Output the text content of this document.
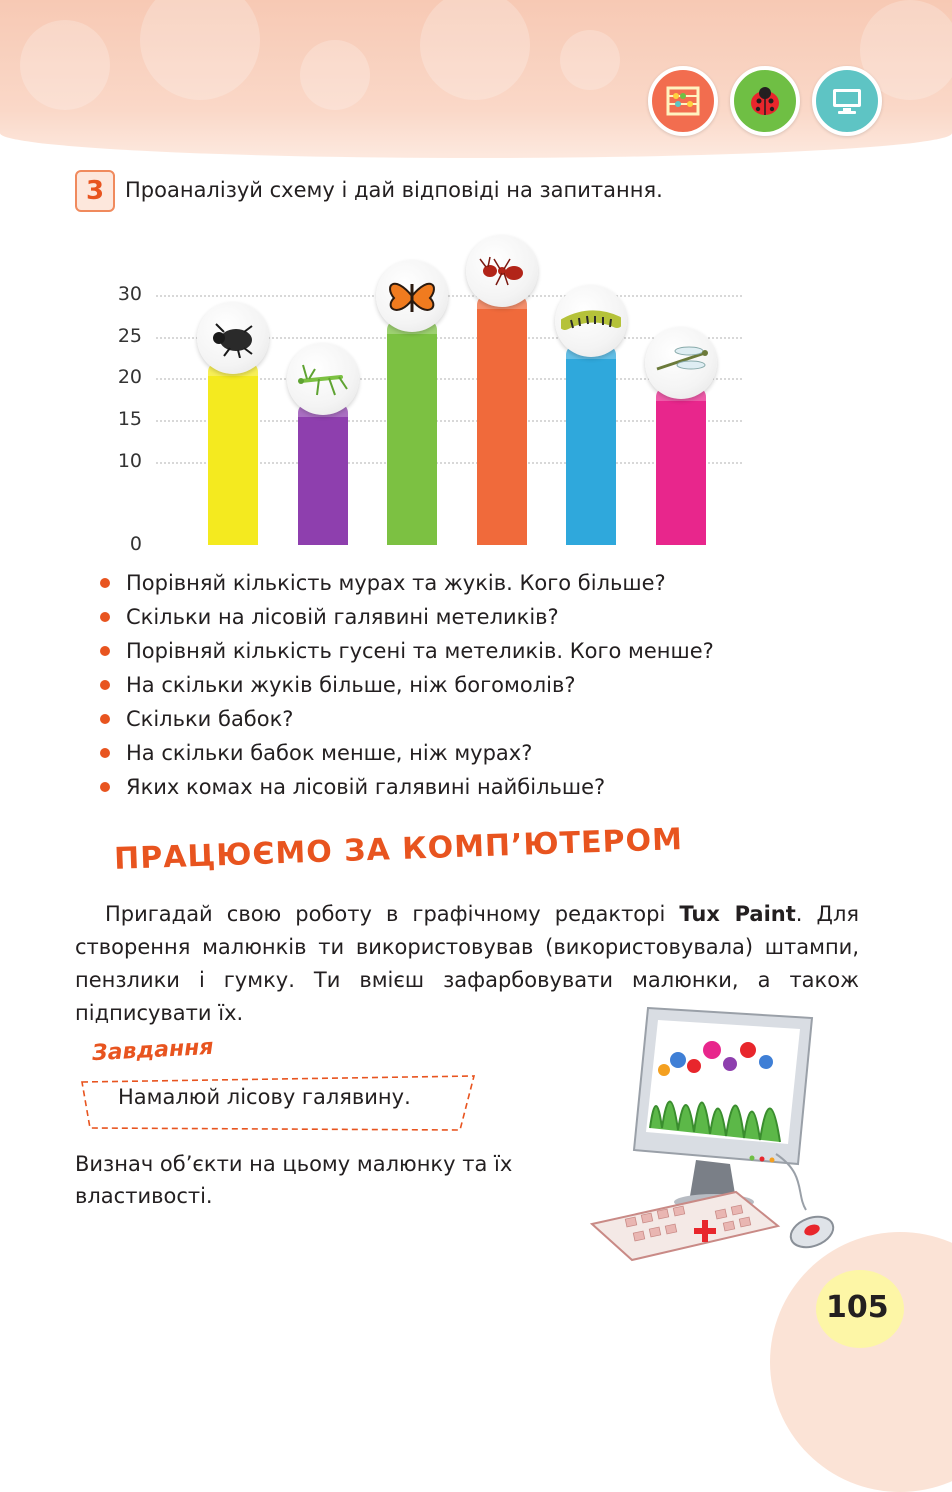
3 Проаналізуй схему і дай відповіді на запитання.
0
10
15
20
25
30
Порівняй кількість мурах та жуків. Кого більше?
Скільки на лісовій галявині метеликів?
Порівняй кількість гусені та метеликів. Кого менше?
На скільки жуків більше, ніж богомолів?
Скільки бабок?
На скільки бабок менше, ніж мурах?
Яких комах на лісовій галявині найбільше?
ПРАЦЮЄМО ЗА КОМП’ЮТЕРОМ
Пригадай свою роботу в графічному редакторі Tux Paint. Для створення малюнків ти використовував (використовувала) штампи, пензлики і гумку. Ти вмієш зафарбовувати малюнки, а також підписувати їх.
Завдання
Намалюй лісову галявину.
Визнач об’єкти на цьому малюнку та їх властивості.
105
